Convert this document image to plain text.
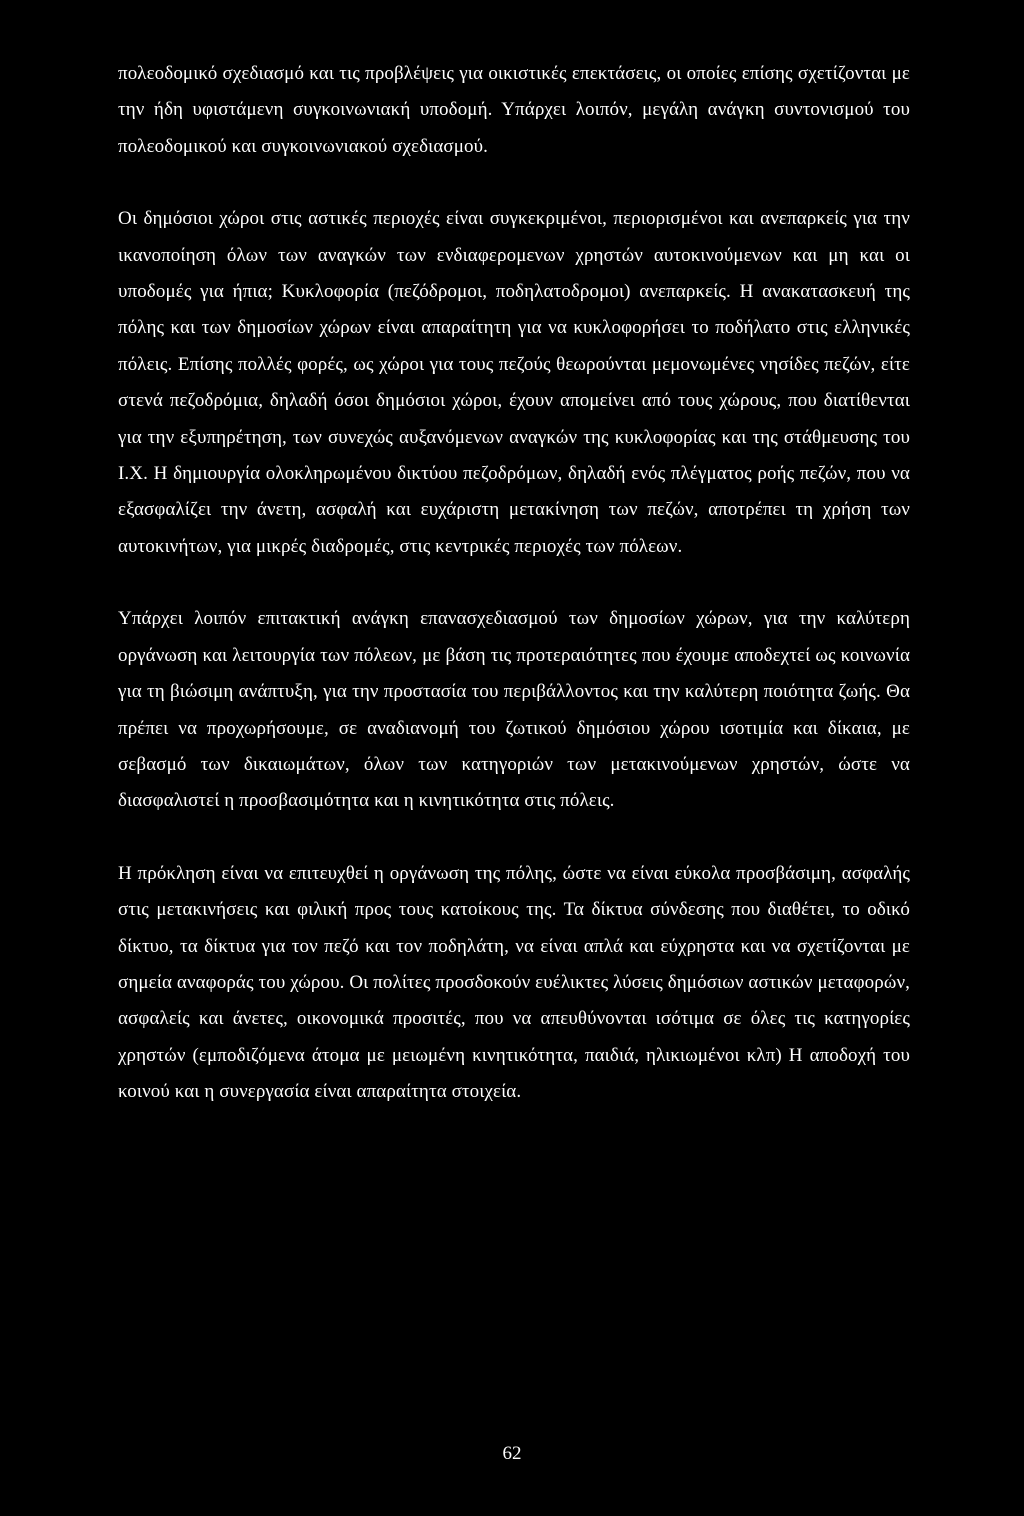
πολεοδομικό σχεδιασμό και τις προβλέψεις για οικιστικές επεκτάσεις, οι οποίες επίσης σχετίζονται με την ήδη υφιστάμενη συγκοινωνιακή υποδομή. Υπάρχει λοιπόν, μεγάλη ανάγκη συντονισμού του πολεοδομικού και συγκοινωνιακού σχεδιασμού.

Οι δημόσιοι χώροι στις αστικές περιοχές είναι συγκεκριμένοι, περιορισμένοι και ανεπαρκείς για την ικανοποίηση όλων των αναγκών των ενδιαφερομενων χρηστών αυτοκινούμενων και μη και οι υποδομές για ήπια; Κυκλοφορία (πεζόδρομοι, ποδηλατοδρομοι) ανεπαρκείς. Η ανακατασκευή της πόλης και των δημοσίων χώρων είναι απαραίτητη για να κυκλοφορήσει το ποδήλατο στις ελληνικές πόλεις. Επίσης πολλές φορές, ως χώροι για τους πεζούς θεωρούνται μεμονωμένες νησίδες πεζών, είτε στενά πεζοδρόμια, δηλαδή όσοι δημόσιοι χώροι, έχουν απομείνει από τους χώρους, που διατίθενται για την εξυπηρέτηση, των συνεχώς αυξανόμενων αναγκών της κυκλοφορίας και της στάθμευσης του Ι.Χ. Η δημιουργία ολοκληρωμένου δικτύου πεζοδρόμων, δηλαδή ενός πλέγματος ροής πεζών, που να εξασφαλίζει την άνετη, ασφαλή και ευχάριστη μετακίνηση των πεζών, αποτρέπει τη χρήση των αυτοκινήτων, για μικρές διαδρομές, στις κεντρικές περιοχές των πόλεων.

Υπάρχει λοιπόν επιτακτική ανάγκη επανασχεδιασμού των δημοσίων χώρων, για την καλύτερη οργάνωση και λειτουργία των πόλεων, με βάση τις προτεραιότητες που έχουμε αποδεχτεί ως κοινωνία για τη βιώσιμη ανάπτυξη, για την προστασία του περιβάλλοντος και την καλύτερη ποιότητα ζωής. Θα πρέπει να προχωρήσουμε, σε αναδιανομή του ζωτικού δημόσιου χώρου ισοτιμία και δίκαια, με σεβασμό των δικαιωμάτων, όλων των κατηγοριών των μετακινούμενων χρηστών, ώστε να διασφαλιστεί η προσβασιμότητα και η κινητικότητα στις πόλεις.

Η πρόκληση είναι να επιτευχθεί η οργάνωση της πόλης, ώστε να είναι εύκολα προσβάσιμη, ασφαλής στις μετακινήσεις και φιλική προς τους κατοίκους της. Τα δίκτυα σύνδεσης που διαθέτει, το οδικό δίκτυο, τα δίκτυα για τον πεζό και τον ποδηλάτη, να είναι απλά και εύχρηστα και να σχετίζονται με σημεία αναφοράς του χώρου. Οι πολίτες προσδοκούν ευέλικτες λύσεις δημόσιων αστικών μεταφορών, ασφαλείς και άνετες, οικονομικά προσιτές, που να απευθύνονται ισότιμα σε όλες τις κατηγορίες χρηστών (εμποδιζόμενα άτομα με μειωμένη κινητικότητα, παιδιά, ηλικιωμένοι κλπ) Η αποδοχή του κοινού και η συνεργασία είναι απαραίτητα στοιχεία.

62
